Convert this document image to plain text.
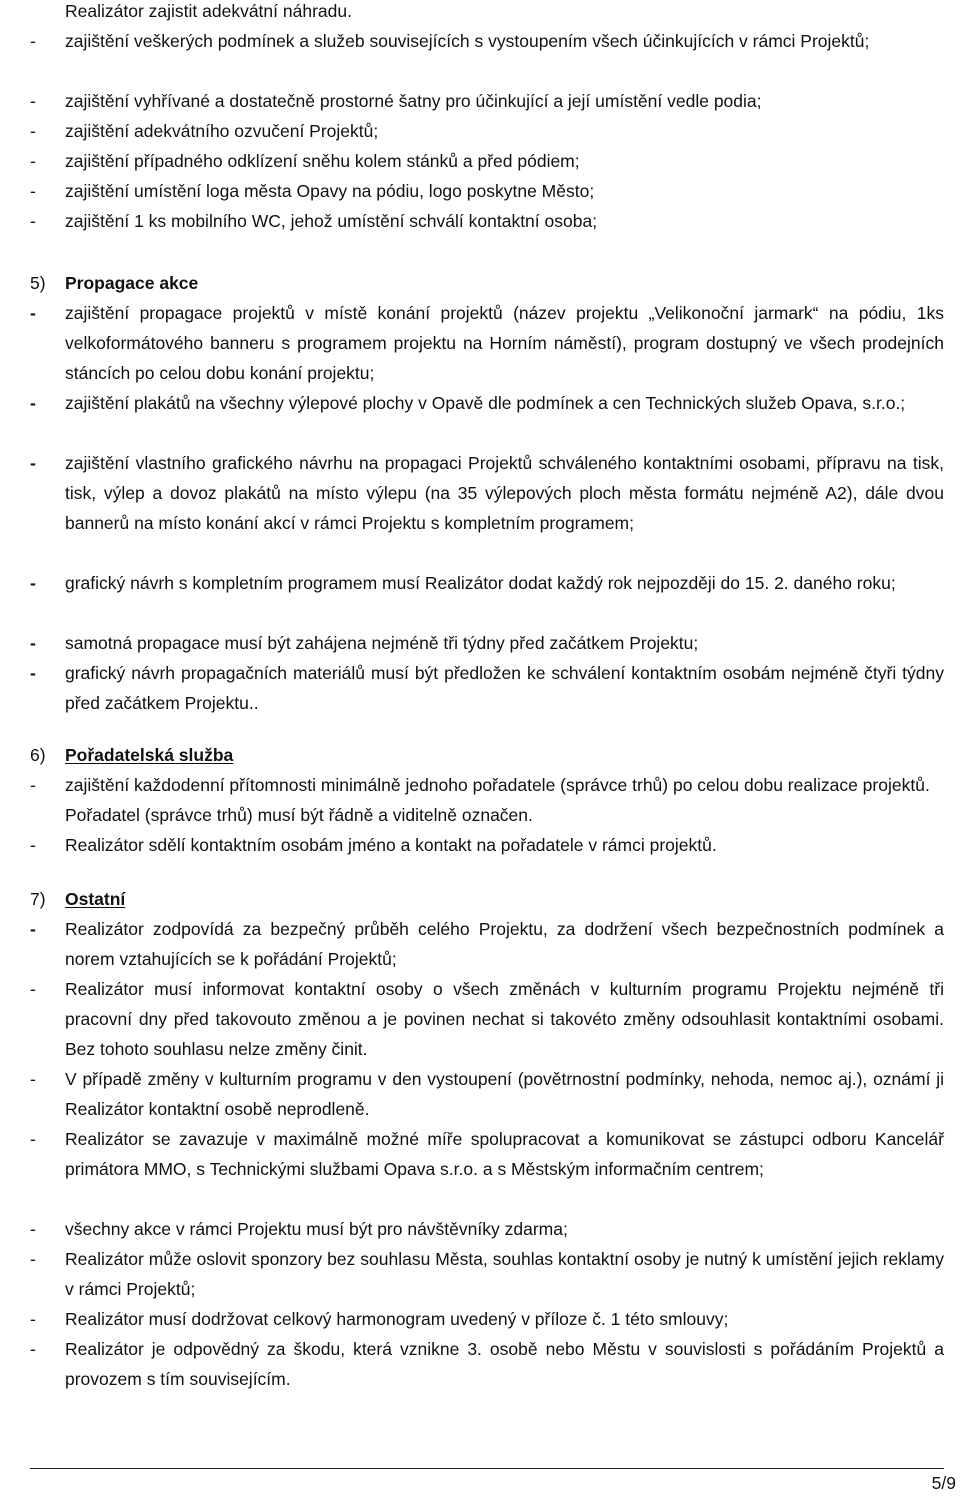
Realizátor zajistit adekvátní náhradu.
-	zajištění veškerých podmínek a služeb souvisejících s vystoupením všech účinkujících v rámci Projektů;
-	zajištění vyhřívané a dostatečně prostorné šatny pro účinkující a její umístění vedle podia;
-	zajištění adekvátního ozvučení Projektů;
-	zajištění případného odklízení sněhu kolem stánků a před pódiem;
-	zajištění umístění loga města Opavy na pódiu, logo poskytne Město;
-	zajištění 1 ks mobilního WC, jehož umístění schválí kontaktní osoba;
5) Propagace akce
-	zajištění propagace projektů v místě konání projektů (název projektu „Velikonoční jarmark“ na pódiu, 1ks velkoformátového banneru s programem projektu na Horním náměstí), program dostupný ve všech prodejních stáncích po celou dobu konání projektu;
-	zajištění plakátů na všechny výlepové plochy v Opavě dle podmínek a cen Technických služeb Opava, s.r.o.;
-	zajištění vlastního grafického návrhu na propagaci Projektů schváleného kontaktními osobami, přípravu na tisk, tisk, výlep a dovoz plakátů na místo výlepu (na 35 výlepových ploch města formátu nejméně A2), dále dvou bannerů na místo konání akcí v rámci Projektu s kompletním programem;
-	grafický návrh s kompletním programem musí Realizátor dodat každý rok nejpozději do 15. 2. daného roku;
-	samotná propagace musí být zahájena nejméně tři týdny před začátkem Projektu;
-	grafický návrh propagačních materiálů musí být předložen ke schválení kontaktním osobám nejméně čtyři týdny před začátkem Projektu..
6) Pořadatelská služba
-	zajištění každodenní přítomnosti minimálně jednoho pořadatele (správce trhů) po celou dobu realizace projektů. Pořadatel (správce trhů) musí být řádně a viditelně označen.
-	Realizátor sdělí kontaktním osobám jméno a kontakt na pořadatele v rámci projektů.
7) Ostatní
-	Realizátor zodpovídá za bezpečný průběh celého Projektu, za dodržení všech bezpečnostních podmínek a norem vztahujících se k pořádání Projektů;
-	Realizátor musí informovat kontaktní osoby o všech změnách v kulturním programu Projektu nejméně tři pracovní dny před takovouto změnou a je povinen nechat si takovéto změny odsouhlasit kontaktními osobami. Bez tohoto souhlasu nelze změny činit.
-	V případě změny v kulturním programu v den vystoupení (povětrnostní podmínky, nehoda, nemoc aj.), oznámí ji Realizátor kontaktní osobě neprodleně.
-	Realizátor se zavazuje v maximálně možné míře spolupracovat a komunikovat se zástupci odboru Kancelář primátora MMO, s Technickými službami Opava s.r.o. a s Městským informačním centrem;
-	všechny akce v rámci Projektu musí být pro návštěvníky zdarma;
-	Realizátor může oslovit sponzory bez souhlasu Města, souhlas kontaktní osoby je nutný k umístění jejich reklamy v rámci Projektů;
-	Realizátor musí dodržovat celkový harmonogram uvedený v příloze č. 1 této smlouvy;
-	Realizátor je odpovědný za škodu, která vznikne 3. osobě nebo Městu v souvislosti s pořádáním Projektů a provozem s tím souvisejícím.
5/9
